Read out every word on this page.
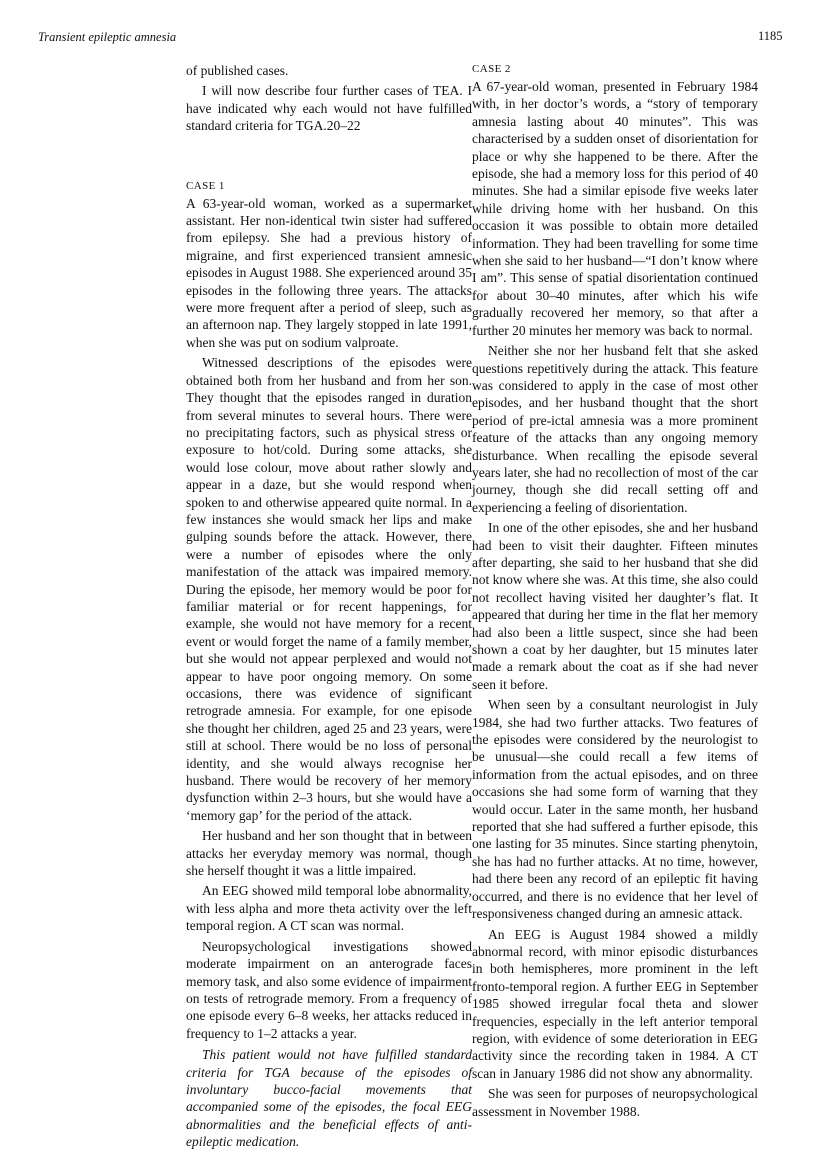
Transient epileptic amnesia	1185

of published cases.

I will now describe four further cases of TEA. I have indicated why each would not have fulfilled standard criteria for TGA.20–22

CASE 1

A 63-year-old woman, worked as a supermarket assistant. Her non-identical twin sister had suffered from epilepsy. She had a previous history of migraine, and first experienced transient amnesic episodes in August 1988. She experienced around 35 episodes in the following three years. The attacks were more frequent after a period of sleep, such as an afternoon nap. They largely stopped in late 1991, when she was put on sodium valproate.

Witnessed descriptions of the episodes were obtained both from her husband and from her son. They thought that the episodes ranged in duration from several minutes to several hours. There were no precipitating factors, such as physical stress or exposure to hot/cold. During some attacks, she would lose colour, move about rather slowly and appear in a daze, but she would respond when spoken to and otherwise appeared quite normal. In a few instances she would smack her lips and make gulping sounds before the attack. However, there were a number of episodes where the only manifestation of the attack was impaired memory. During the episode, her memory would be poor for familiar material or for recent happenings, for example, she would not have memory for a recent event or would forget the name of a family member, but she would not appear perplexed and would not appear to have poor ongoing memory. On some occasions, there was evidence of significant retrograde amnesia. For example, for one episode she thought her children, aged 25 and 23 years, were still at school. There would be no loss of personal identity, and she would always recognise her husband. There would be recovery of her memory dysfunction within 2–3 hours, but she would have a ‘memory gap’ for the period of the attack.

Her husband and her son thought that in between attacks her everyday memory was normal, though she herself thought it was a little impaired.

An EEG showed mild temporal lobe abnormality, with less alpha and more theta activity over the left temporal region. A CT scan was normal.

Neuropsychological investigations showed moderate impairment on an anterograde faces memory task, and also some evidence of impairment on tests of retrograde memory. From a frequency of one episode every 6–8 weeks, her attacks reduced in frequency to 1–2 attacks a year.

This patient would not have fulfilled standard criteria for TGA because of the episodes of involuntary bucco-facial movements that accompanied some of the episodes, the focal EEG abnormalities and the beneficial effects of anti-epileptic medication.

CASE 2

A 67-year-old woman, presented in February 1984 with, in her doctor’s words, a “story of temporary amnesia lasting about 40 minutes”. This was characterised by a sudden onset of disorientation for place or why she happened to be there. After the episode, she had a memory loss for this period of 40 minutes. She had a similar episode five weeks later while driving home with her husband. On this occasion it was possible to obtain more detailed information. They had been travelling for some time when she said to her husband—“I don’t know where I am”. This sense of spatial disorientation continued for about 30–40 minutes, after which his wife gradually recovered her memory, so that after a further 20 minutes her memory was back to normal.

Neither she nor her husband felt that she asked questions repetitively during the attack. This feature was considered to apply in the case of most other episodes, and her husband thought that the short period of pre-ictal amnesia was a more prominent feature of the attacks than any ongoing memory disturbance. When recalling the episode several years later, she had no recollection of most of the car journey, though she did recall setting off and experiencing a feeling of disorientation.

In one of the other episodes, she and her husband had been to visit their daughter. Fifteen minutes after departing, she said to her husband that she did not know where she was. At this time, she also could not recollect having visited her daughter’s flat. It appeared that during her time in the flat her memory had also been a little suspect, since she had been shown a coat by her daughter, but 15 minutes later made a remark about the coat as if she had never seen it before.

When seen by a consultant neurologist in July 1984, she had two further attacks. Two features of the episodes were considered by the neurologist to be unusual—she could recall a few items of information from the actual episodes, and on three occasions she had some form of warning that they would occur. Later in the same month, her husband reported that she had suffered a further episode, this one lasting for 35 minutes. Since starting phenytoin, she has had no further attacks. At no time, however, had there been any record of an epileptic fit having occurred, and there is no evidence that her level of responsiveness changed during an amnesic attack.

An EEG is August 1984 showed a mildly abnormal record, with minor episodic disturbances in both hemispheres, more prominent in the left fronto-temporal region. A further EEG in September 1985 showed irregular focal theta and slower frequencies, especially in the left anterior temporal region, with evidence of some deterioration in EEG activity since the recording taken in 1984. A CT scan in January 1986 did not show any abnormality.

She was seen for purposes of neuropsychological assessment in November 1988.
